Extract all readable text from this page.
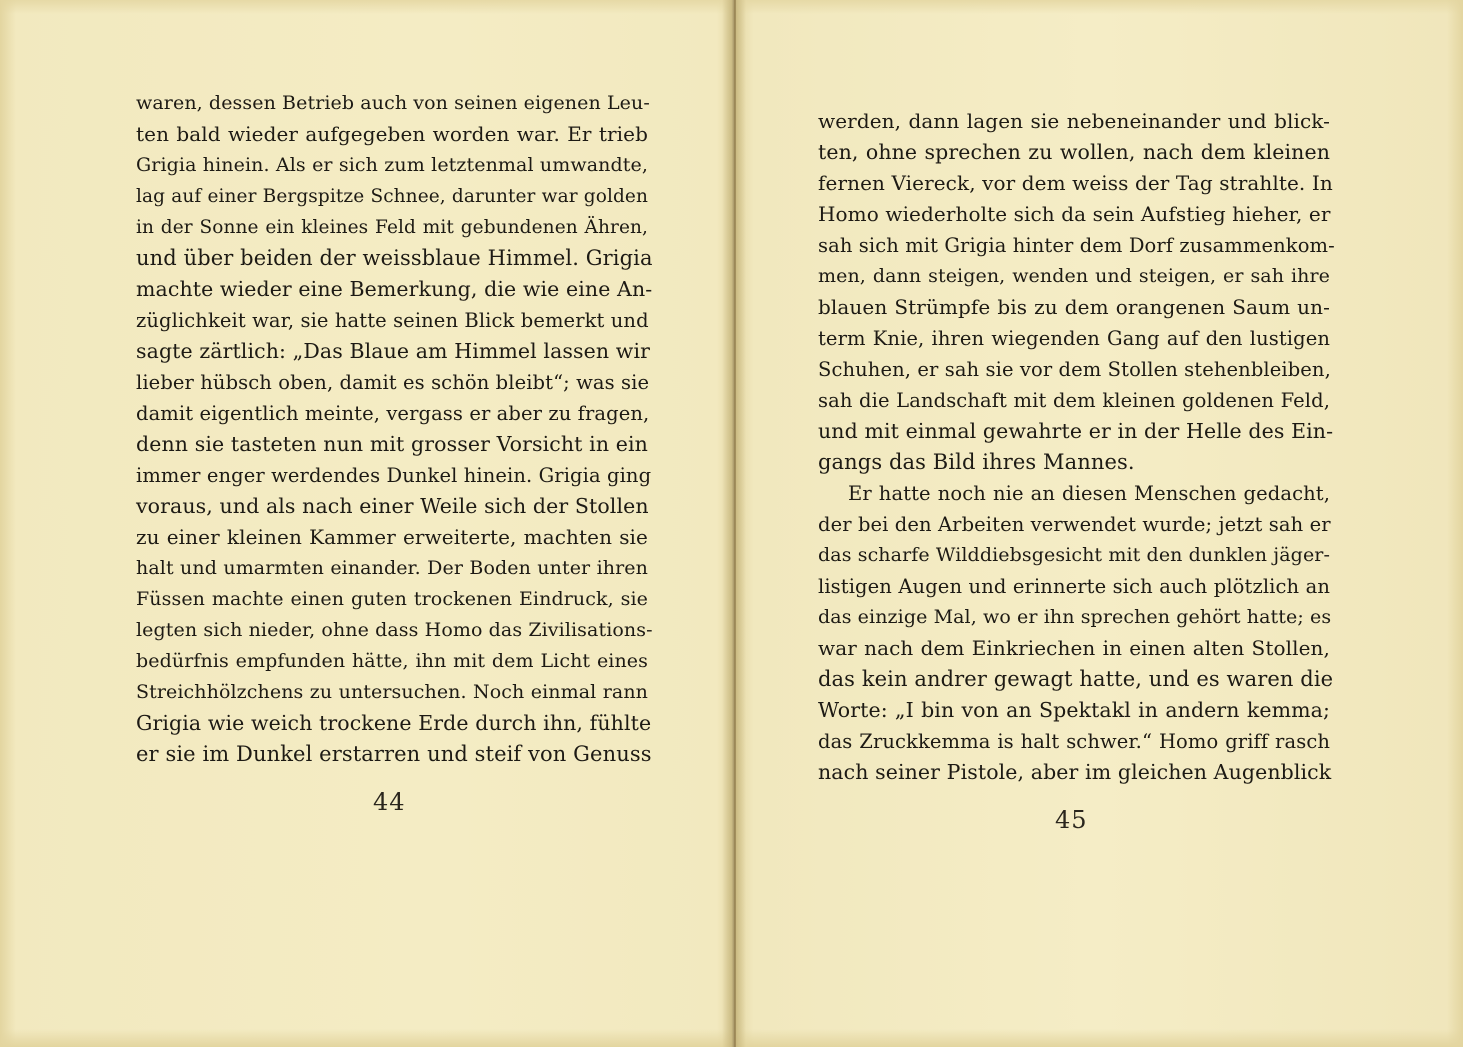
waren, dessen Betrieb auch von seinen eigenen Leu-
ten bald wieder aufgegeben worden war. Er trieb
Grigia hinein. Als er sich zum letztenmal umwandte,
lag auf einer Bergspitze Schnee, darunter war golden
in der Sonne ein kleines Feld mit gebundenen Ähren,
und über beiden der weissblaue Himmel. Grigia
machte wieder eine Bemerkung, die wie eine An-
züglichkeit war, sie hatte seinen Blick bemerkt und
sagte zärtlich: „Das Blaue am Himmel lassen wir
lieber hübsch oben, damit es schön bleibt“; was sie
damit eigentlich meinte, vergass er aber zu fragen,
denn sie tasteten nun mit grosser Vorsicht in ein
immer enger werdendes Dunkel hinein. Grigia ging
voraus, und als nach einer Weile sich der Stollen
zu einer kleinen Kammer erweiterte, machten sie
halt und umarmten einander. Der Boden unter ihren
Füssen machte einen guten trockenen Eindruck, sie
legten sich nieder, ohne dass Homo das Zivilisations-
bedürfnis empfunden hätte, ihn mit dem Licht eines
Streichhölzchens zu untersuchen. Noch einmal rann
Grigia wie weich trockene Erde durch ihn, fühlte
er sie im Dunkel erstarren und steif von Genuss
44
werden, dann lagen sie nebeneinander und blick-
ten, ohne sprechen zu wollen, nach dem kleinen
fernen Viereck, vor dem weiss der Tag strahlte. In
Homo wiederholte sich da sein Aufstieg hieher, er
sah sich mit Grigia hinter dem Dorf zusammenkom-
men, dann steigen, wenden und steigen, er sah ihre
blauen Strümpfe bis zu dem orangenen Saum un-
term Knie, ihren wiegenden Gang auf den lustigen
Schuhen, er sah sie vor dem Stollen stehenbleiben,
sah die Landschaft mit dem kleinen goldenen Feld,
und mit einmal gewahrte er in der Helle des Ein-
gangs das Bild ihres Mannes.
Er hatte noch nie an diesen Menschen gedacht,
der bei den Arbeiten verwendet wurde; jetzt sah er
das scharfe Wilddiebsgesicht mit den dunklen jäger-
listigen Augen und erinnerte sich auch plötzlich an
das einzige Mal, wo er ihn sprechen gehört hatte; es
war nach dem Einkriechen in einen alten Stollen,
das kein andrer gewagt hatte, und es waren die
Worte: „I bin von an Spektakl in andern kemma;
das Zruckkemma is halt schwer.“ Homo griff rasch
nach seiner Pistole, aber im gleichen Augenblick
45
